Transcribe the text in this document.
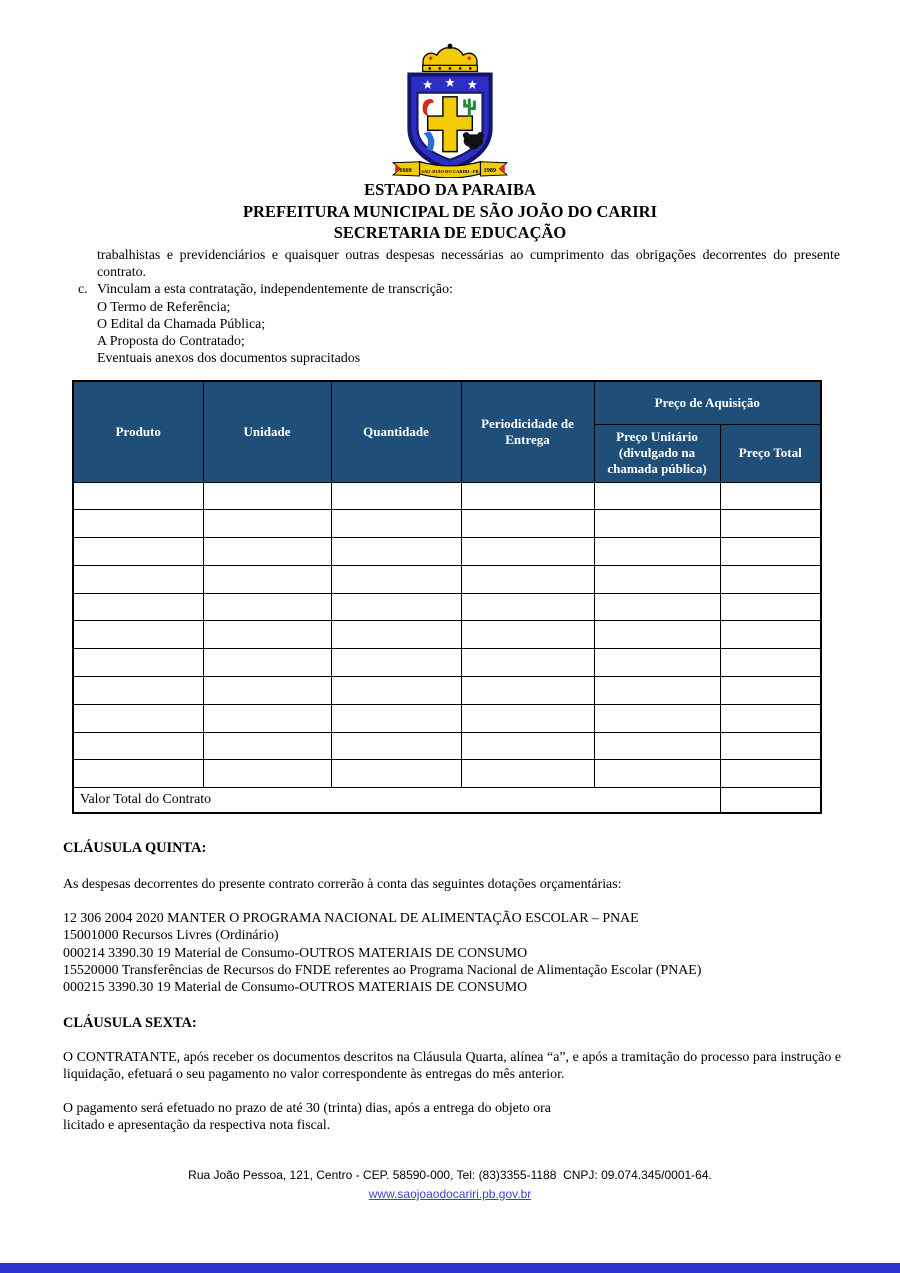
1669	1989
SÃO JOÃO DO CARIRI - PB
ESTADO DA PARAIBA
PREFEITURA MUNICIPAL DE SÃO JOÃO DO CARIRI
SECRETARIA DE EDUCAÇÃO
trabalhistas e previdenciários e quaisquer outras despesas necessárias ao cumprimento das obrigações decorrentes do presente contrato.
c. Vinculam a esta contratação, independentemente de transcrição:
O Termo de Referência;
O Edital da Chamada Pública;
A Proposta do Contratado;
Eventuais anexos dos documentos supracitados
Produto	Unidade	Quantidade	Periodicidade de Entrega	Preço de Aquisição	
				Preço Unitário (divulgado na chamada pública)	Preço Total

Valor Total do Contrato					
CLÁUSULA QUINTA:
As despesas decorrentes do presente contrato correrão à conta das seguintes dotações orçamentárias:
12 306 2004 2020 MANTER O PROGRAMA NACIONAL DE ALIMENTAÇÃO ESCOLAR – PNAE
15001000 Recursos Livres (Ordinário)
000214 3390.30 19 Material de Consumo-OUTROS MATERIAIS DE CONSUMO
15520000 Transferências de Recursos do FNDE referentes ao Programa Nacional de Alimentação Escolar (PNAE)
000215 3390.30 19 Material de Consumo-OUTROS MATERIAIS DE CONSUMO
CLÁUSULA SEXTA:
O CONTRATANTE, após receber os documentos descritos na Cláusula Quarta, alínea “a”, e após a tramitação do processo para instrução e liquidação, efetuará o seu pagamento no valor correspondente às entregas do mês anterior.
O pagamento será efetuado no prazo de até 30 (trinta) dias, após a entrega do objeto ora
licitado e apresentação da respectiva nota fiscal.
Rua João Pessoa, 121, Centro - CEP. 58590-000, Tel: (83)3355-1188  CNPJ: 09.074.345/0001-64.
www.saojoaodocariri.pb.gov.br
